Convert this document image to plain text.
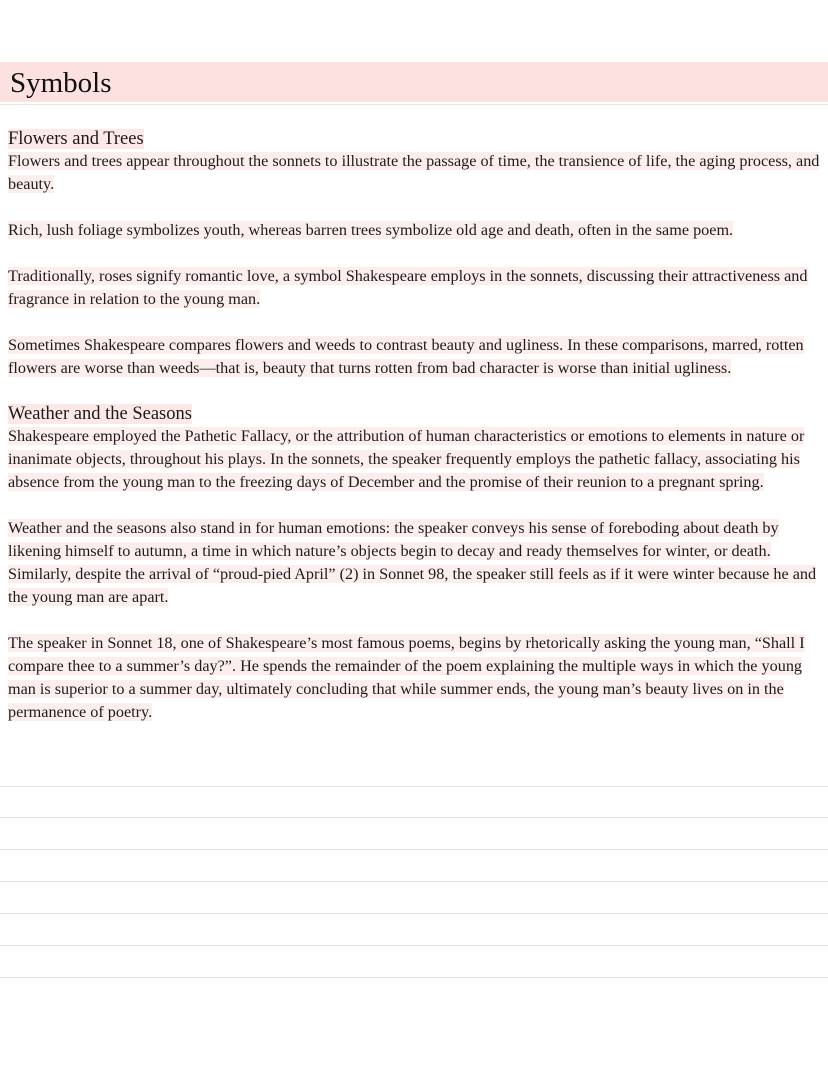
Symbols
Flowers and Trees

Flowers and trees appear throughout the sonnets to illustrate the passage of time, the transience of life, the aging process, and beauty.

Rich, lush foliage symbolizes youth, whereas barren trees symbolize old age and death, often in the same poem.

Traditionally, roses signify romantic love, a symbol Shakespeare employs in the sonnets, discussing their attractiveness and fragrance in relation to the young man.

Sometimes Shakespeare compares flowers and weeds to contrast beauty and ugliness. In these comparisons, marred, rotten flowers are worse than weeds—that is, beauty that turns rotten from bad character is worse than initial ugliness.

Weather and the Seasons

Shakespeare employed the Pathetic Fallacy, or the attribution of human characteristics or emotions to elements in nature or inanimate objects, throughout his plays. In the sonnets, the speaker frequently employs the pathetic fallacy, associating his absence from the young man to the freezing days of December and the promise of their reunion to a pregnant spring.

Weather and the seasons also stand in for human emotions: the speaker conveys his sense of foreboding about death by likening himself to autumn, a time in which nature’s objects begin to decay and ready themselves for winter, or death. Similarly, despite the arrival of “proud-pied April” (2) in Sonnet 98, the speaker still feels as if it were winter because he and the young man are apart.

The speaker in Sonnet 18, one of Shakespeare’s most famous poems, begins by rhetorically asking the young man, “Shall I compare thee to a summer’s day?”. He spends the remainder of the poem explaining the multiple ways in which the young man is superior to a summer day, ultimately concluding that while summer ends, the young man’s beauty lives on in the permanence of poetry.
